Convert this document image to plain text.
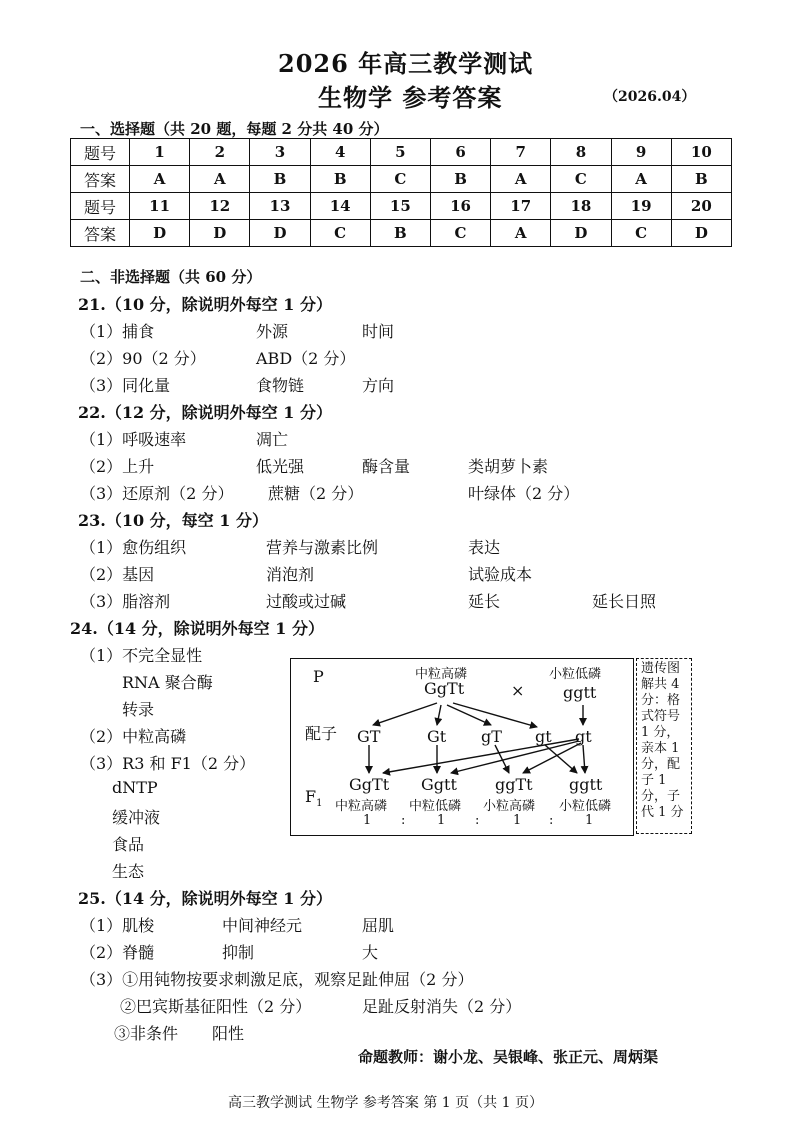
2026 年高三教学测试
生物学 参考答案	（2026.04）
一、选择题（共 20 题，每题 2 分共 40 分）
题号	1	2	3	4	5	6	7	8	9	10
答案	A	A	B	B	C	B	A	C	A	B
题号	11	12	13	14	15	16	17	18	19	20
答案	D	D	D	C	B	C	A	D	C	D
二、非选择题（共 60 分）
21.（10 分，除说明外每空 1 分）
（1）捕食	外源	时间
（2）90（2 分）	ABD（2 分）
（3）同化量	食物链	方向
22.（12 分，除说明外每空 1 分）
（1）呼吸速率	凋亡
（2）上升	低光强	酶含量	类胡萝卜素
（3）还原剂（2 分） 蔗糖（2 分）	叶绿体（2 分）
23.（10 分，每空 1 分）
（1）愈伤组织	营养与激素比例	表达
（2）基因	消泡剂	试验成本
（3）脂溶剂	过酸或过碱	延长	延长日照
24.（14 分，除说明外每空 1 分）
（1）不完全显性
RNA 聚合酶
转录
（2）中粒高磷
（3）R3 和 F1（2 分）
dNTP
缓冲液
食品
生态
P	中粒高磷
GgTt	×
小粒低磷
ggtt
配子 GT	Gt gT gt gt
$F_1$
GgTt Ggtt ggTt ggtt
中粒高磷 中粒低磷 小粒高磷 小粒低磷
1 : 1 :	1 : 1
遗传图解共 4 分：格式符号 1 分，亲本 1 分，配子 1 分，子代 1 分
25.（14 分，除说明外每空 1 分）
（1）肌梭	中间神经元	屈肌
（2）脊髓	抑制	大
（3）①用钝物按要求刺激足底，观察足趾伸屈（2 分）
②巴宾斯基征阳性（2 分）	足趾反射消失（2 分）
③非条件 阳性
命题教师：谢小龙、吴银峰、张正元、周炳渠
高三教学测试 生物学 参考答案 第 1 页（共 1 页）
